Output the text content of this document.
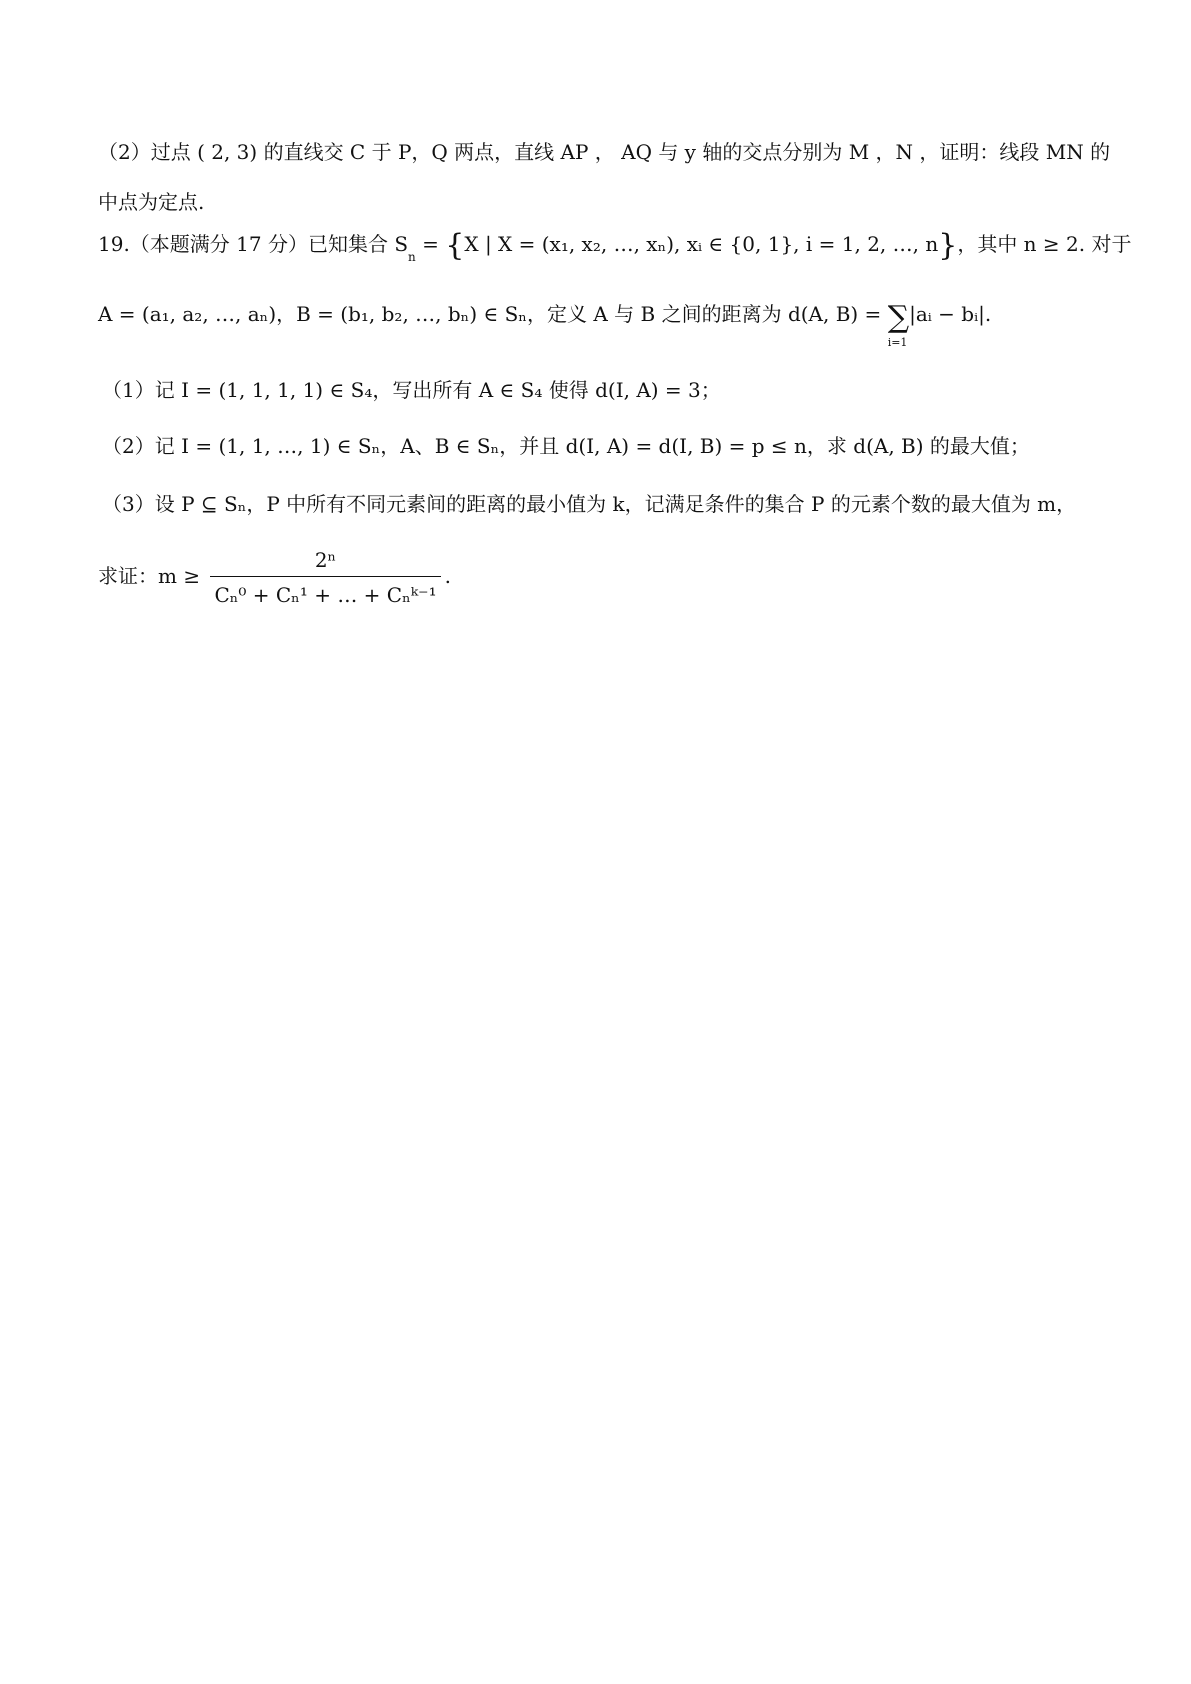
（2）过点 ( 2, 3) 的直线交 C 于 P，Q 两点，直线 AP ， AQ 与 y 轴的交点分别为 M ，N ，证明：线段 MN 的
中点为定点.
19.（本题满分 17 分）已知集合 $S_n = \{X$ | X = (x₁, x₂, …, xₙ), xᵢ ∈ {0, 1}, i = 1, 2, …, n}，其中 n ≥ 2. 对于
A = (a₁, a₂, …, aₙ)，B = (b₁, b₂, …, bₙ) ∈ Sₙ，定义 A 与 B 之间的距离为 d(A, B) = ∑
i=1
|aᵢ − bᵢ|.
（1）记 I = (1, 1, 1, 1) ∈ S₄，写出所有 A ∈ S₄ 使得 d(I, A) = 3；
（2）记 I = (1, 1, …, 1) ∈ Sₙ，A、B ∈ Sₙ，并且 d(I, A) = d(I, B) = p ≤ n，求 d(A, B) 的最大值；
（3）设 P ⊆ Sₙ，P 中所有不同元素间的距离的最小值为 k，记满足条件的集合 P 的元素个数的最大值为 m，
求证：$m \ge \frac{\text{2ⁿ}}{\text{Cₙ⁰ + Cₙ¹ + … + Cₙᵏ⁻¹}}$ .
